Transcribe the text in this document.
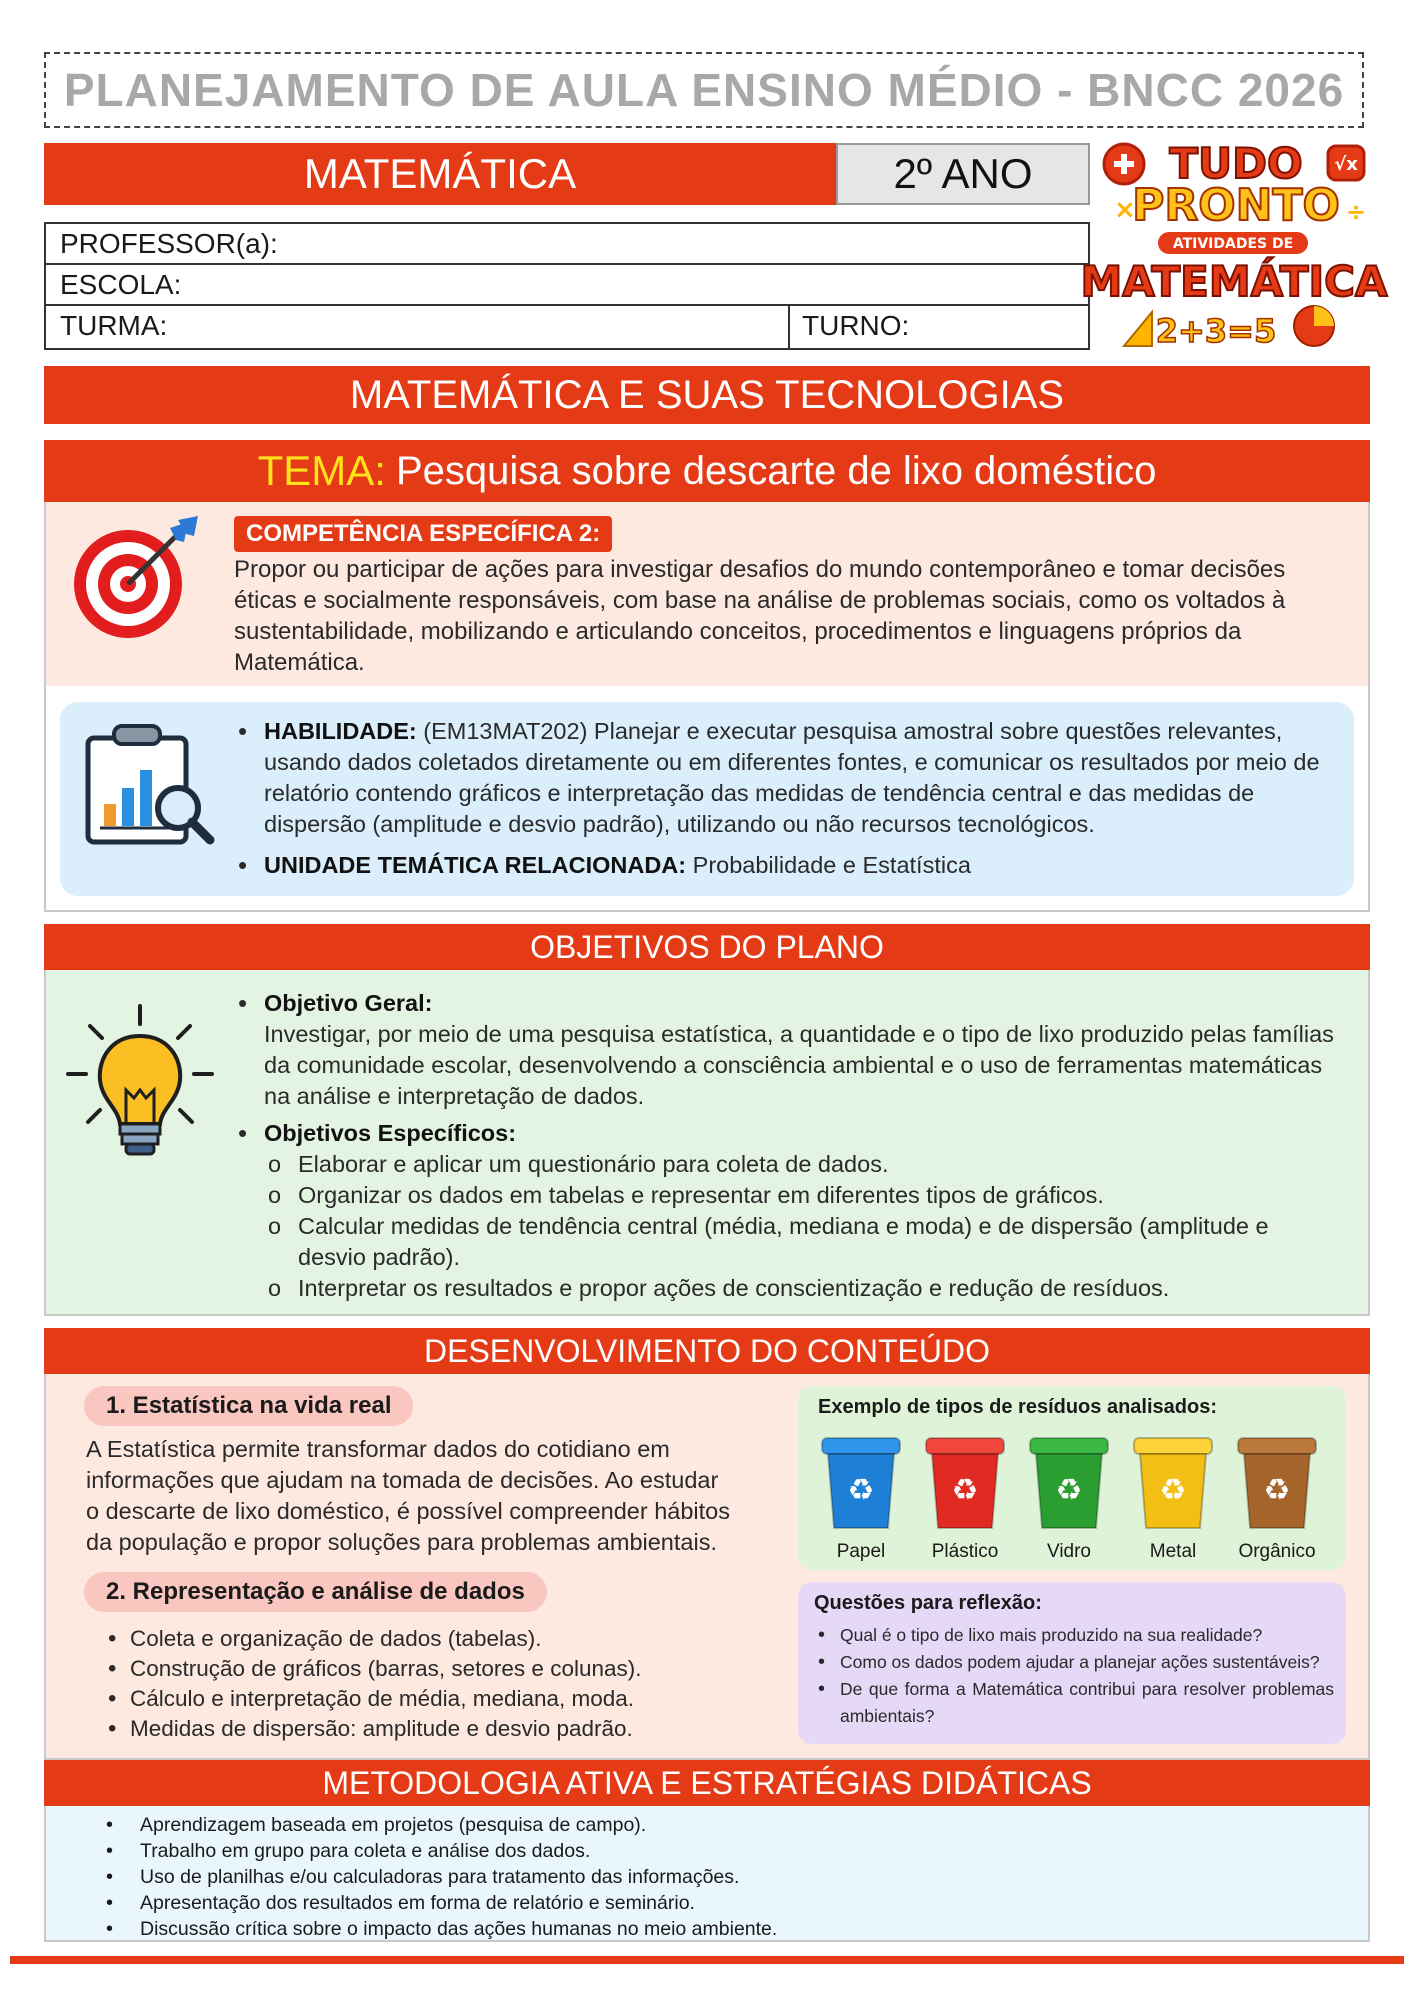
PLANEJAMENTO DE AULA ENSINO MÉDIO - BNCC 2026
MATEMÁTICA	2º ANO
PROFESSOR(a):
ESCOLA:
TURMA:	TURNO:
√x
TUDO
×
PRONTO ÷
ATIVIDADES DE
MATEMÁTICA
2+3=5
MATEMÁTICA E SUAS TECNOLOGIAS
TEMA: Pesquisa sobre descarte de lixo doméstico
COMPETÊNCIA ESPECÍFICA 2:
Propor ou participar de ações para investigar desafios do mundo contemporâneo e tomar decisões éticas e socialmente responsáveis, com base na análise de problemas sociais, como os voltados à sustentabilidade, mobilizando e articulando conceitos, procedimentos e linguagens próprios da Matemática.
• HABILIDADE: (EM13MAT202) Planejar e executar pesquisa amostral sobre questões relevantes, usando dados coletados diretamente ou em diferentes fontes, e comunicar os resultados por meio de relatório contendo gráficos e interpretação das medidas de tendência central e das medidas de dispersão (amplitude e desvio padrão), utilizando ou não recursos tecnológicos.
• UNIDADE TEMÁTICA RELACIONADA: Probabilidade e Estatística
OBJETIVOS DO PLANO
• Objetivo Geral:
Investigar, por meio de uma pesquisa estatística, a quantidade e o tipo de lixo produzido pelas famílias da comunidade escolar, desenvolvendo a consciência ambiental e o uso de ferramentas matemáticas na análise e interpretação de dados.
• Objetivos Específicos:
o Elaborar e aplicar um questionário para coleta de dados.
o Organizar os dados em tabelas e representar em diferentes tipos de gráficos.
o Calcular medidas de tendência central (média, mediana e moda) e de dispersão (amplitude e desvio padrão).
o Interpretar os resultados e propor ações de conscientização e redução de resíduos.
DESENVOLVIMENTO DO CONTEÚDO
1. Estatística na vida real
A Estatística permite transformar dados do cotidiano em informações que ajudam na tomada de decisões. Ao estudar o descarte de lixo doméstico, é possível compreender hábitos da população e propor soluções para problemas ambientais.
2. Representação e análise de dados
• Coleta e organização de dados (tabelas).
• Construção de gráficos (barras, setores e colunas).
• Cálculo e interpretação de média, mediana, moda.
• Medidas de dispersão: amplitude e desvio padrão.
Exemplo de tipos de resíduos analisados:
♻
Papel
♻
Plástico
♻
Vidro
♻
Metal
♻
Orgânico
Questões para reflexão:
• Qual é o tipo de lixo mais produzido na sua realidade?
• Como os dados podem ajudar a planejar ações sustentáveis?
• De que forma a Matemática contribui para resolver problemas ambientais?
METODOLOGIA ATIVA E ESTRATÉGIAS DIDÁTICAS
• Aprendizagem baseada em projetos (pesquisa de campo).
• Trabalho em grupo para coleta e análise dos dados.
• Uso de planilhas e/ou calculadoras para tratamento das informações.
• Apresentação dos resultados em forma de relatório e seminário.
• Discussão crítica sobre o impacto das ações humanas no meio ambiente.
